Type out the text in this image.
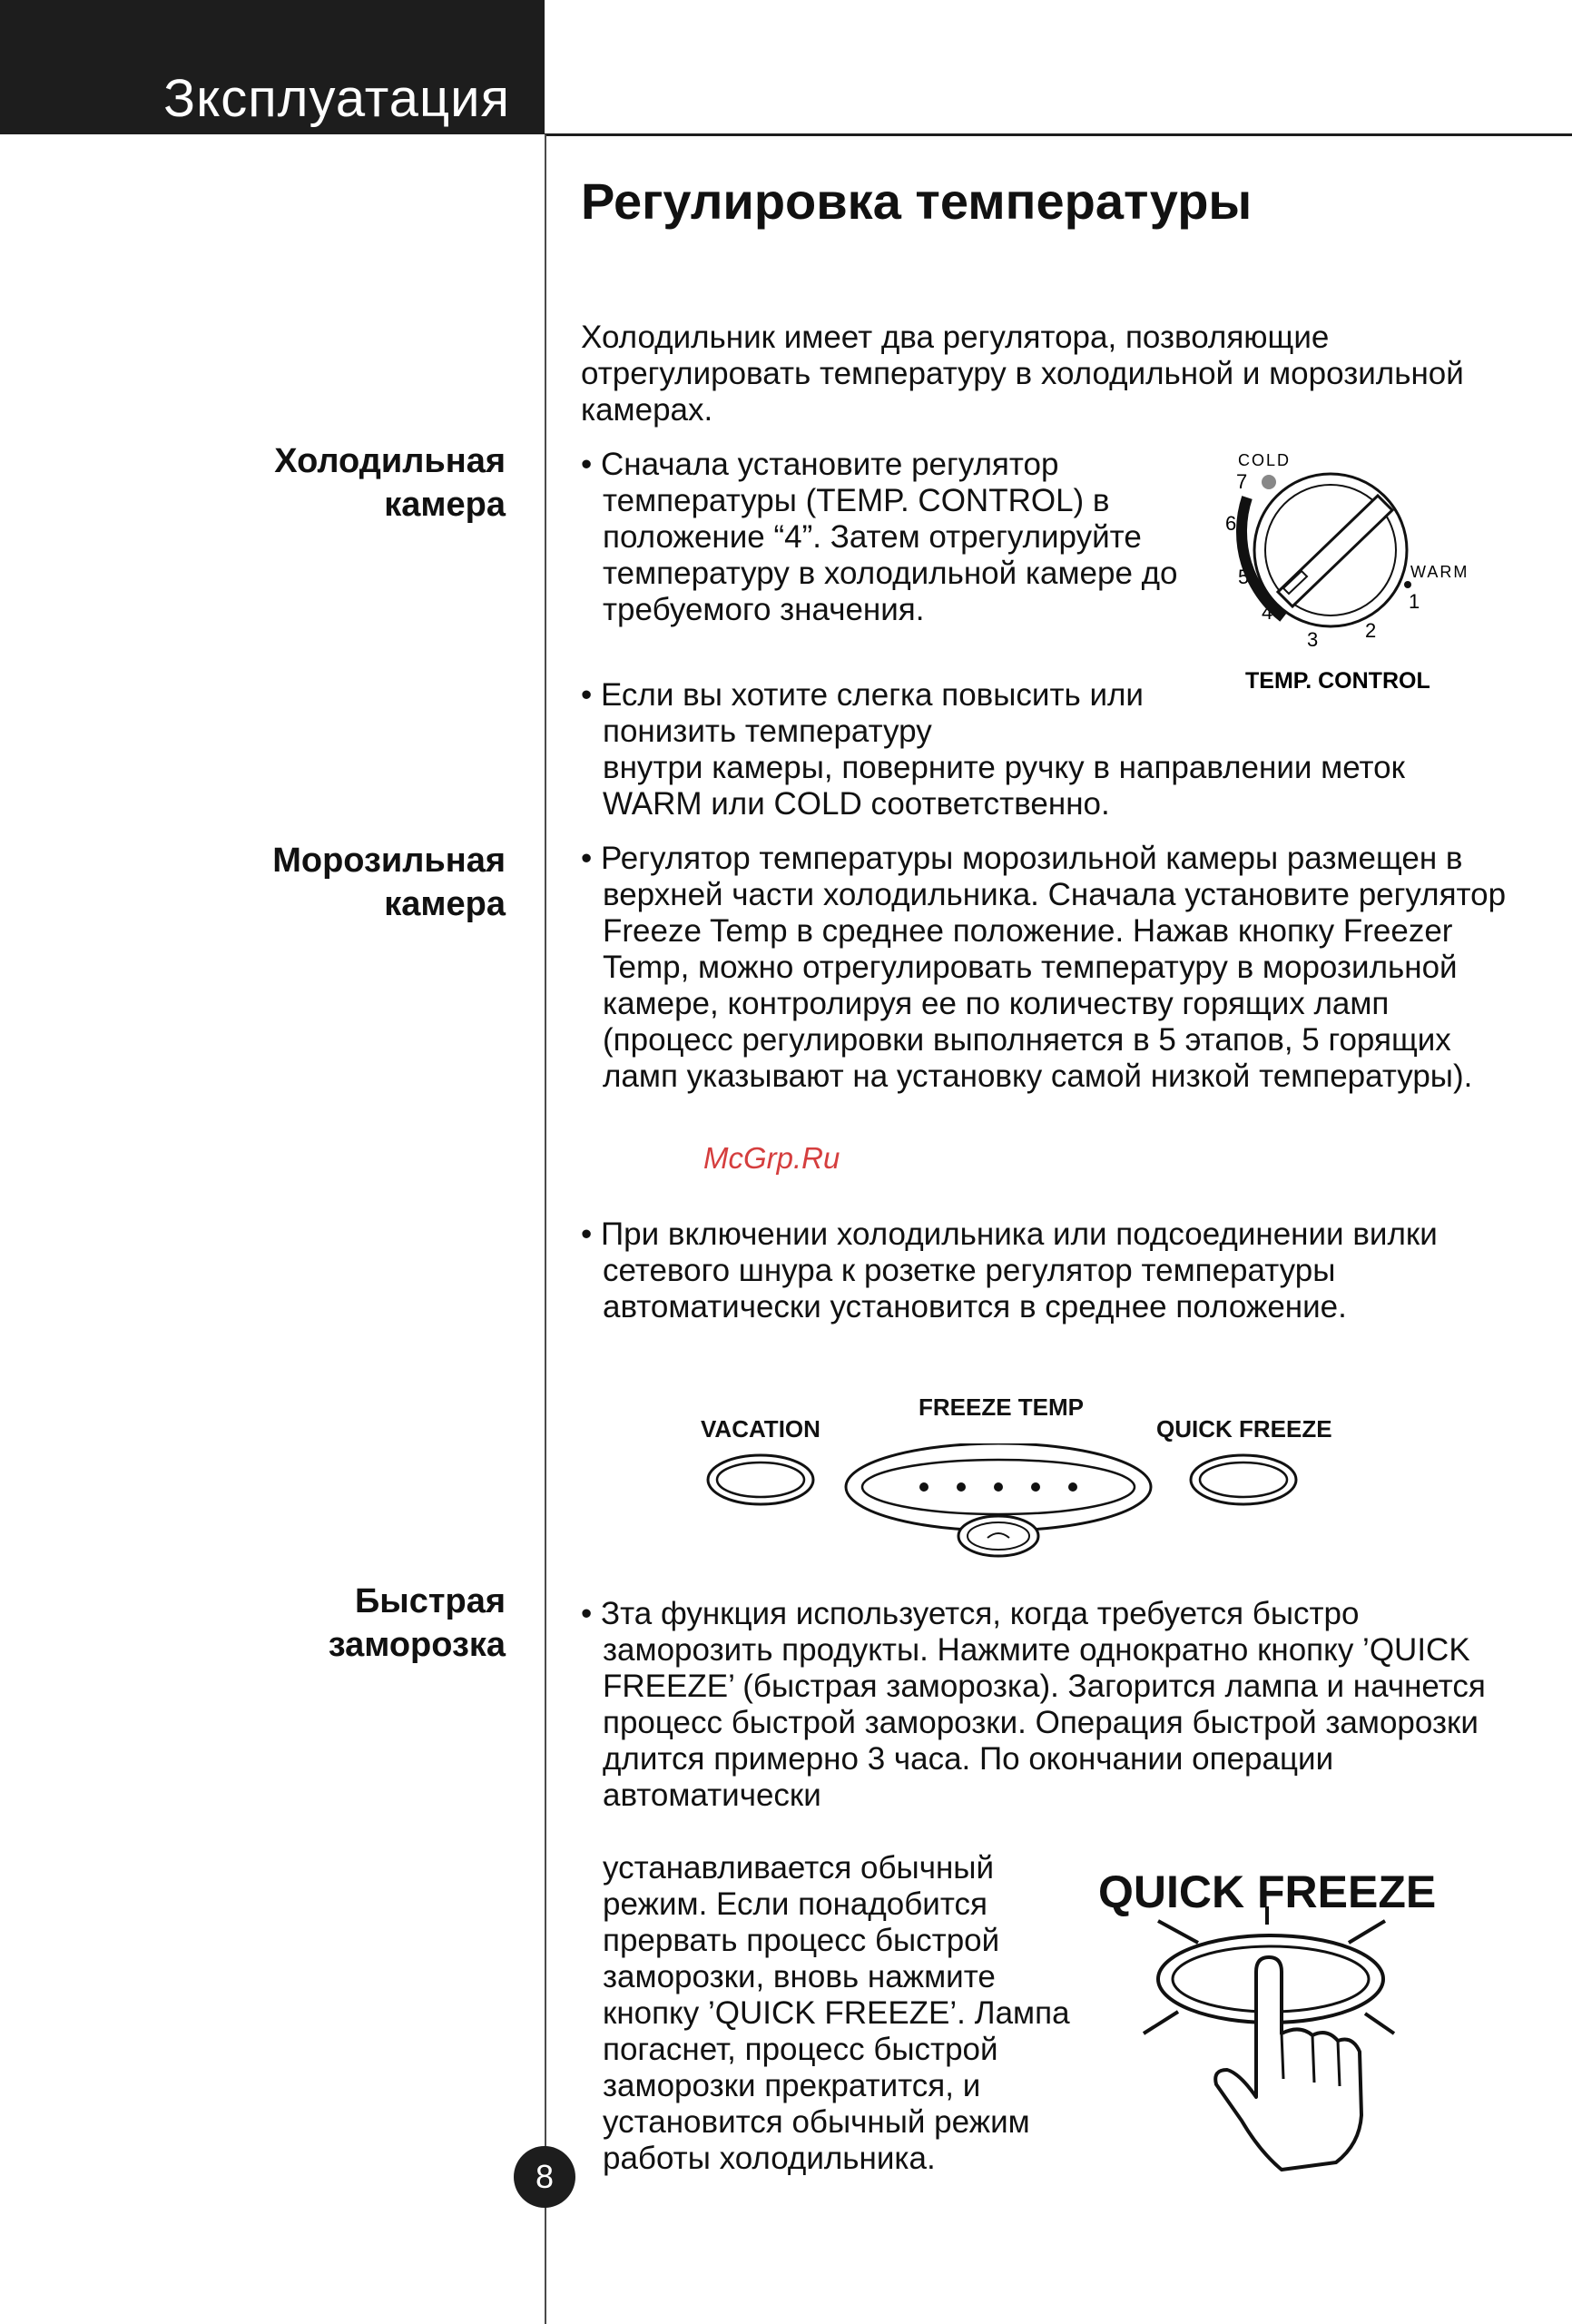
Зксплуатация
Регулировка температуры
Холодильник имеет два регулятора, позволяющие отрегулировать температуру в холодильной и морозильной камерах.
Холодильная
камера
• Сначала установите регулятор температуры (TEMP. CONTROL) в положение “4”. Затем отрегулируйте температуру в холодильной камере до требуемого значения.
• Если вы хотите слегка повысить или понизить температуру
внутри камеры, поверните ручку в направлении меток WARM или COLD соответственно.
COLD
7
6
5
4
3 2
1
WARM
TEMP. CONTROL
Морозильная
камера
• Регулятор температуры морозильной камеры размещен в верхней части холодильника. Сначала установите регулятор Freeze Temp в среднее положение. Нажав кнопку Freezer Temp, можно отрегулировать температуру в морозильной камере, контролируя ее по количеству горящих ламп (процесс регулировки выполняется в 5 этапов, 5 горящих ламп указывают на установку самой низкой температуры).
• При включении холодильника или подсоединении вилки сетевого шнура к розетке регулятор температуры автоматически установится в среднее положение.
McGrp.Ru
VACATION
FREEZE TEMP
QUICK FREEZE
Быстрая
заморозка
• Зта функция используется, когда требуется быстро заморозить продукты. Нажмите однократно кнопку ’QUICK FREEZE’ (быстрая заморозка). Загорится лампа и начнется процесс быстрой заморозки. Операция быстрой заморозки длится примерно 3 часа. По окончании операции автоматически
устанавливается обычный режим. Если понадобится прервать процесс быстрой заморозки, вновь нажмите кнопку ’QUICK FREEZE’. Лампа погаснет, процесс быстрой заморозки прекратится, и установится обычный режим работы холодильника.
QUICK FREEZE
8
